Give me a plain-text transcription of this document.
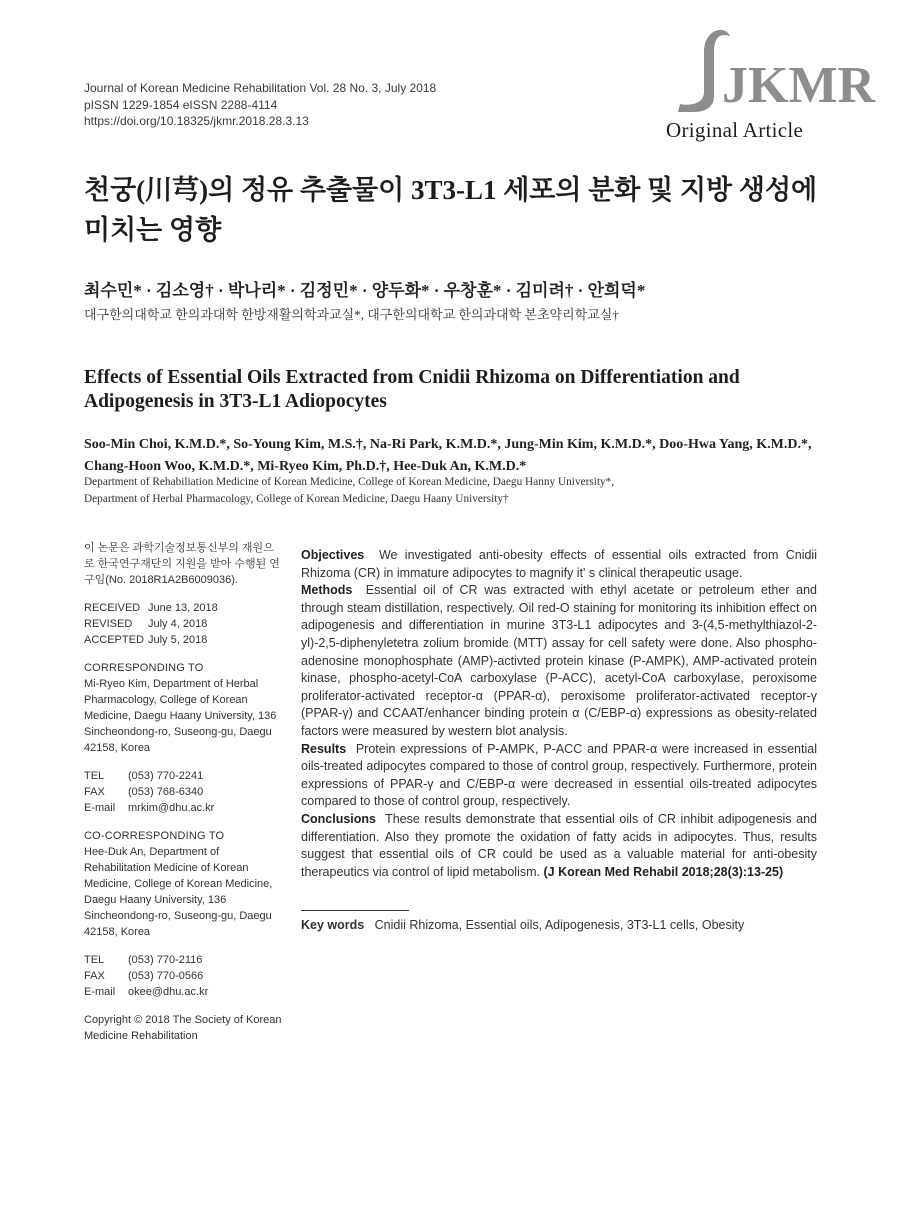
Journal of Korean Medicine Rehabilitation Vol. 28 No. 3, July 2018
pISSN 1229-1854 eISSN 2288-4114
https://doi.org/10.18325/jkmr.2018.28.3.13
JKMR
Original Article
천궁(川芎)의 정유 추출물이 3T3-L1 세포의 분화 및 지방 생성에 미치는 영향
최수민* · 김소영† · 박나리* · 김정민* · 양두화* · 우창훈* · 김미려† · 안희덕*
대구한의대학교 한의과대학 한방재활의학과교실*, 대구한의대학교 한의과대학 본초약리학교실†
Effects of Essential Oils Extracted from Cnidii Rhizoma on Differentiation and Adipogenesis in 3T3-L1 Adiopocytes
Soo-Min Choi, K.M.D.*, So-Young Kim, M.S.†, Na-Ri Park, K.M.D.*, Jung-Min Kim, K.M.D.*, Doo-Hwa Yang, K.M.D.*, Chang-Hoon Woo, K.M.D.*, Mi-Ryeo Kim, Ph.D.†, Hee-Duk An, K.M.D.*
Department of Rehabiliation Medicine of Korean Medicine, College of Korean Medicine, Daegu Hanny University*,
Department of Herbal Pharmacology, College of Korean Medicine, Daegu Haany University†
이 논문은 과학기술정보통신부의 재원으로 한국연구재단의 지원을 받아 수행된 연구임(No. 2018R1A2B6009036).
RECEIVED June 13, 2018
REVISED	July 4, 2018
ACCEPTED July 5, 2018
CORRESPONDING TO
Mi-Ryeo Kim, Department of Herbal Pharmacology, College of Korean Medicine, Daegu Haany University, 136 Sincheondong-ro, Suseong-gu, Daegu 42158, Korea
TEL	(053) 770-2241
FAX	(053) 768-6340
E-mail	mrkim@dhu.ac.kr
CO-CORRESPONDING TO
Hee-Duk An, Department of Rehabilitation Medicine of Korean Medicine, College of Korean Medicine, Daegu Haany University, 136 Sincheondong-ro, Suseong-gu, Daegu 42158, Korea
TEL	(053) 770-2116
FAX	(053) 770-0566
E-mail	okee@dhu.ac.kr
Copyright © 2018 The Society of Korean Medicine Rehabilitation

Objectives We investigated anti-obesity effects of essential oils extracted from Cnidii Rhizoma (CR) in immature adipocytes to magnify it' s clinical therapeutic usage.

Methods Essential oil of CR was extracted with ethyl acetate or petroleum ether and through steam distillation, respectively. Oil red-O staining for monitoring its inhibition effect on adipogenesis and differentiation in murine 3T3-L1 adipocytes and 3-(4,5-methylthiazol-2-yl)-2,5-diphenyletetra zolium bromide (MTT) assay for cell safety were done. Also phospho-adenosine monophosphate (AMP)-activted protein kinase (P-AMPK), AMP-activated protein kinase, phospho-acetyl-CoA carboxylase (P-ACC), acetyl-CoA carboxylase, peroxisome proliferator-activated receptor-α (PPAR-α), peroxisome proliferator-activated receptor-γ (PPAR-γ) and CCAAT/enhancer binding protein α (C/EBP-α) expressions as obesity-related factors were measured by western blot analysis.

Results Protein expressions of P-AMPK, P-ACC and PPAR-α were increased in essential oils-treated adipocytes compared to those of control group, respectively. Furthermore, protein expressions of PPAR-γ and C/EBP-α were decreased in essential oils-treated adipocytes compared to those of control group, respectively.

Conclusions These results demonstrate that essential oils of CR inhibit adipogenesis and differentiation. Also they promote the oxidation of fatty acids in adipocytes. Thus, results suggest that essential oils of CR could be used as a valuable material for anti-obesity therapeutics via control of lipid metabolism. (J Korean Med Rehabil 2018;28(3):13-25)

Key words Cnidii Rhizoma, Essential oils, Adipogenesis, 3T3-L1 cells, Obesity
